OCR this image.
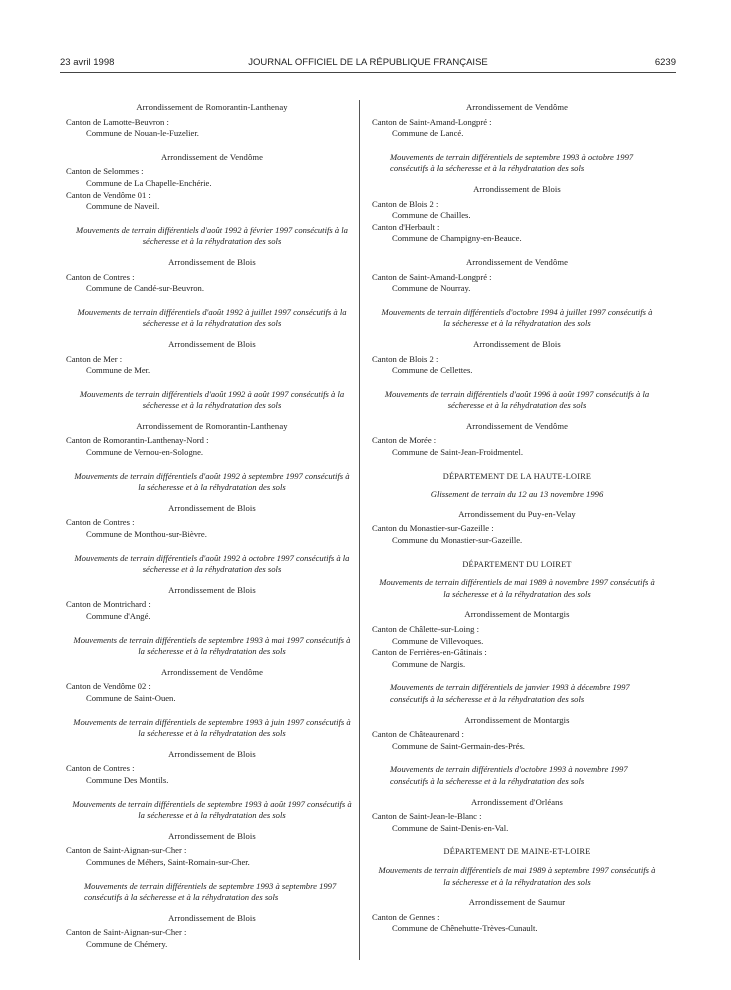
23 avril 1998	JOURNAL OFFICIEL DE LA RÉPUBLIQUE FRANÇAISE	6239
Arrondissement de Romorantin-Lanthenay
Canton de Lamotte-Beuvron :
Commune de Nouan-le-Fuzelier.
Arrondissement de Vendôme
Canton de Selommes :
Commune de La Chapelle-Enchérie.
Canton de Vendôme 01 :
Commune de Naveil.
Mouvements de terrain différentiels d'août 1992 à février 1997 consécutifs à la sécheresse et à la réhydratation des sols
Arrondissement de Blois
Canton de Contres :
Commune de Candé-sur-Beuvron.
Mouvements de terrain différentiels d'août 1992 à juillet 1997 consécutifs à la sécheresse et à la réhydratation des sols
Arrondissement de Blois
Canton de Mer :
Commune de Mer.
Mouvements de terrain différentiels d'août 1992 à août 1997 consécutifs à la sécheresse et à la réhydratation des sols
Arrondissement de Romorantin-Lanthenay
Canton de Romorantin-Lanthenay-Nord :
Commune de Vernou-en-Sologne.
Mouvements de terrain différentiels d'août 1992 à septembre 1997 consécutifs à la sécheresse et à la réhydratation des sols
Arrondissement de Blois
Canton de Contres :
Commune de Monthou-sur-Bièvre.
Mouvements de terrain différentiels d'août 1992 à octobre 1997 consécutifs à la sécheresse et à la réhydratation des sols
Arrondissement de Blois
Canton de Montrichard :
Commune d'Angé.
Mouvements de terrain différentiels de septembre 1993 à mai 1997 consécutifs à la sécheresse et à la réhydratation des sols
Arrondissement de Vendôme
Canton de Vendôme 02 :
Commune de Saint-Ouen.
Mouvements de terrain différentiels de septembre 1993 à juin 1997 consécutifs à la sécheresse et à la réhydratation des sols
Arrondissement de Blois
Canton de Contres :
Commune Des Montils.
Mouvements de terrain différentiels de septembre 1993 à août 1997 consécutifs à la sécheresse et à la réhydratation des sols
Arrondissement de Blois
Canton de Saint-Aignan-sur-Cher :
Communes de Méhers, Saint-Romain-sur-Cher.
Mouvements de terrain différentiels de septembre 1993 à septembre 1997 consécutifs à la sécheresse et à la réhydratation des sols
Arrondissement de Blois
Canton de Saint-Aignan-sur-Cher :
Commune de Chémery.
Arrondissement de Vendôme
Canton de Saint-Amand-Longpré :
Commune de Lancé.
Mouvements de terrain différentiels de septembre 1993 à octobre 1997 consécutifs à la sécheresse et à la réhydratation des sols
Arrondissement de Blois
Canton de Blois 2 :
Commune de Chailles.
Canton d'Herbault :
Commune de Champigny-en-Beauce.
Arrondissement de Vendôme
Canton de Saint-Amand-Longpré :
Commune de Nourray.
Mouvements de terrain différentiels d'octobre 1994 à juillet 1997 consécutifs à la sécheresse et à la réhydratation des sols
Arrondissement de Blois
Canton de Blois 2 :
Commune de Cellettes.
Mouvements de terrain différentiels d'août 1996 à août 1997 consécutifs à la sécheresse et à la réhydratation des sols
Arrondissement de Vendôme
Canton de Morée :
Commune de Saint-Jean-Froidmentel.
DÉPARTEMENT DE LA HAUTE-LOIRE
Glissement de terrain du 12 au 13 novembre 1996
Arrondissement du Puy-en-Velay
Canton du Monastier-sur-Gazeille :
Commune du Monastier-sur-Gazeille.
DÉPARTEMENT DU LOIRET
Mouvements de terrain différentiels de mai 1989 à novembre 1997 consécutifs à la sécheresse et à la réhydratation des sols
Arrondissement de Montargis
Canton de Châlette-sur-Loing :
Commune de Villevoques.
Canton de Ferrières-en-Gâtinais :
Commune de Nargis.
Mouvements de terrain différentiels de janvier 1993 à décembre 1997 consécutifs à la sécheresse et à la réhydratation des sols
Arrondissement de Montargis
Canton de Châteaurenard :
Commune de Saint-Germain-des-Prés.
Mouvements de terrain différentiels d'octobre 1993 à novembre 1997 consécutifs à la sécheresse et à la réhydratation des sols
Arrondissement d'Orléans
Canton de Saint-Jean-le-Blanc :
Commune de Saint-Denis-en-Val.
DÉPARTEMENT DE MAINE-ET-LOIRE
Mouvements de terrain différentiels de mai 1989 à septembre 1997 consécutifs à la sécheresse et à la réhydratation des sols
Arrondissement de Saumur
Canton de Gennes :
Commune de Chênehutte-Trèves-Cunault.
